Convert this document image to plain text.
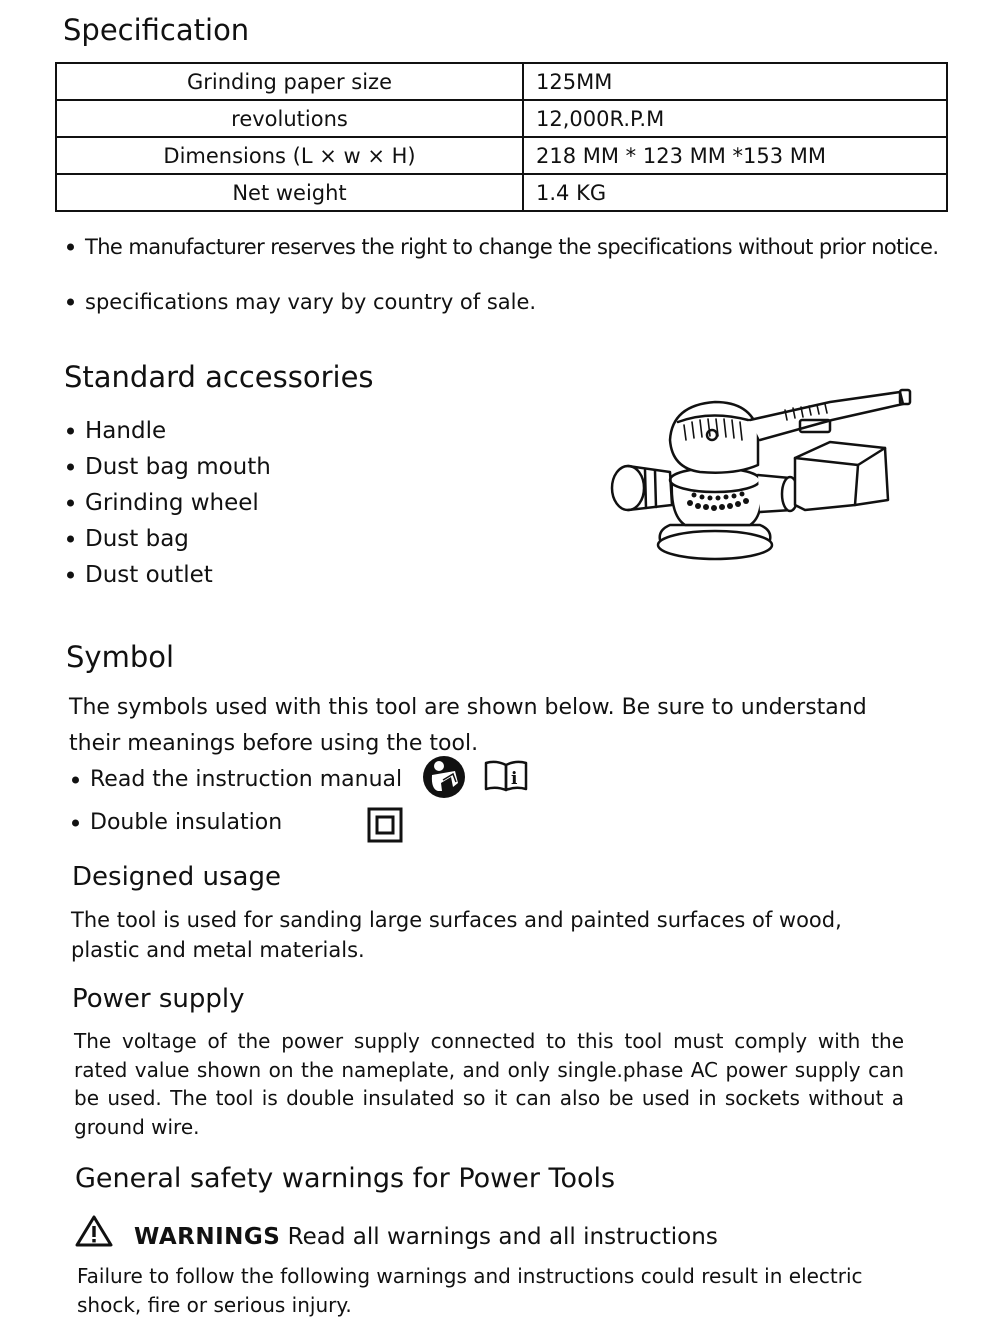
Specification
Grinding paper size	125MM
revolutions	12,000R.P.M
Dimensions (L × w × H)	218 MM * 123 MM *153 MM
Net weight	1.4 KG
The manufacturer reserves the right to change the specifications without prior notice.
specifications may vary by country of sale.
Standard accessories
Handle
Dust bag mouth
Grinding wheel
Dust bag
Dust outlet
Symbol
The symbols used with this tool are shown below. Be sure to understand their meanings before using the tool.
Read the instruction manual
Double insulation
i
Designed usage
The tool is used for sanding large surfaces and painted surfaces of wood, plastic and metal materials.
Power supply
The voltage of the power supply connected to this tool must comply with the rated value shown on the nameplate, and only single.phase AC power supply can be used. The tool is double insulated so it can also be used in sockets without a ground wire.
General safety warnings for Power Tools
WARNINGS Read all warnings and all instructions
Failure to follow the following warnings and instructions could result in electric shock, fire or serious injury.
